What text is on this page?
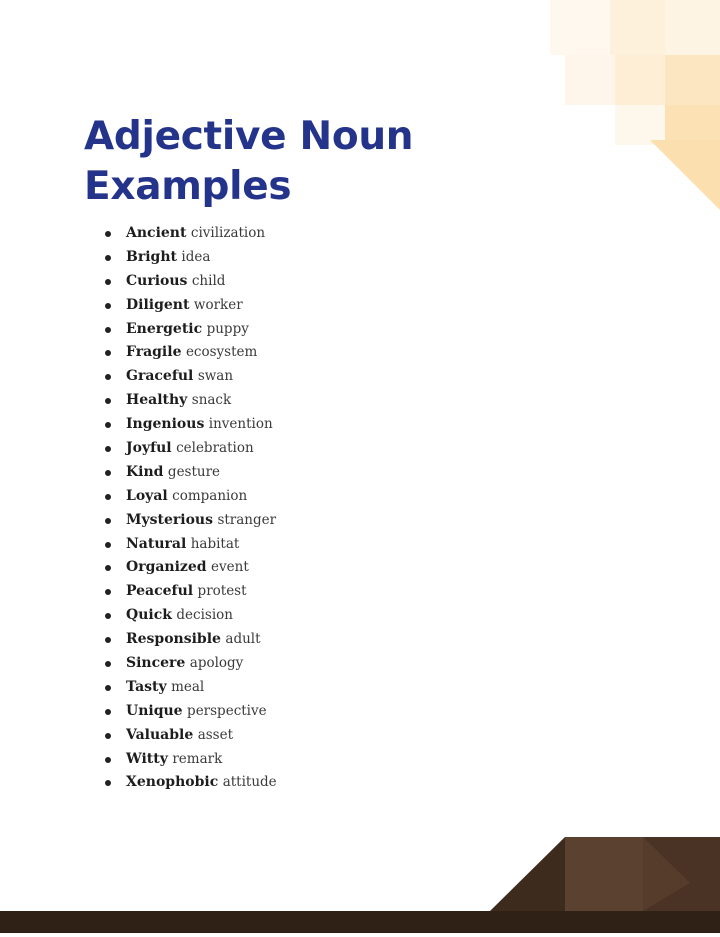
Adjective Noun
Examples
Ancient civilization
Bright idea
Curious child
Diligent worker
Energetic puppy
Fragile ecosystem
Graceful swan
Healthy snack
Ingenious invention
Joyful celebration
Kind gesture
Loyal companion
Mysterious stranger
Natural habitat
Organized event
Peaceful protest
Quick decision
Responsible adult
Sincere apology
Tasty meal
Unique perspective
Valuable asset
Witty remark
Xenophobic attitude
